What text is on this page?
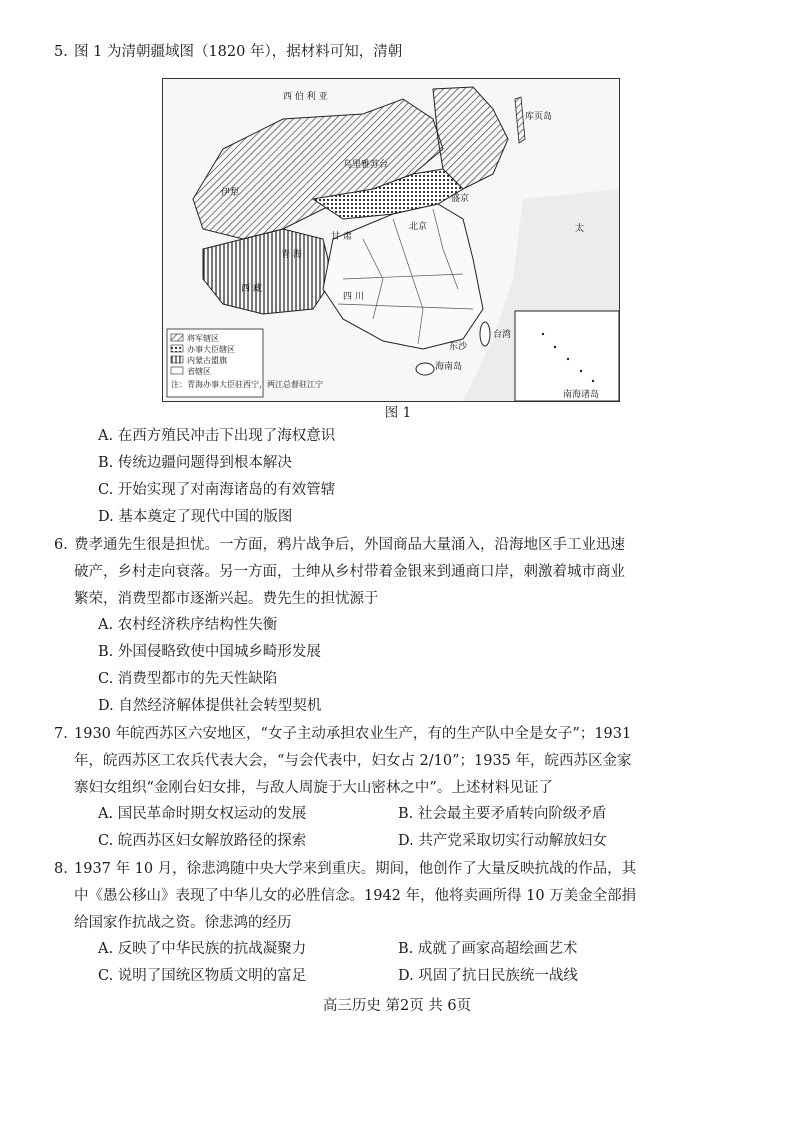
5. 图 1 为清朝疆域图（1820 年），据材料可知，清朝
西 伯 利 亚
乌里雅苏台
伊犁
北京
盛京
四 川
西 藏
青 海
甘 肃
台湾
海南岛
东沙
太
库页岛
南海诸岛
将军辖区
办事大臣辖区
内蒙古盟旗
省辖区
注：青海办事大臣驻西宁，两江总督驻江宁
图 1
A. 在西方殖民冲击下出现了海权意识
B. 传统边疆问题得到根本解决
C. 开始实现了对南海诸岛的有效管辖
D. 基本奠定了现代中国的版图
6. 费孝通先生很是担忧。一方面，鸦片战争后，外国商品大量涌入，沿海地区手工业迅速
破产，乡村走向衰落。另一方面，士绅从乡村带着金银来到通商口岸，刺激着城市商业
繁荣，消费型都市逐渐兴起。费先生的担忧源于
A. 农村经济秩序结构性失衡
B. 外国侵略致使中国城乡畸形发展
C. 消费型都市的先天性缺陷
D. 自然经济解体提供社会转型契机
7. 1930 年皖西苏区六安地区，“女子主动承担农业生产，有的生产队中全是女子”；1931
年，皖西苏区工农兵代表大会，“与会代表中，妇女占 2/10”；1935 年，皖西苏区金家
寨妇女组织“金刚台妇女排，与敌人周旋于大山密林之中”。上述材料见证了
A. 国民革命时期女权运动的发展	B. 社会最主要矛盾转向阶级矛盾
C. 皖西苏区妇女解放路径的探索	D. 共产党采取切实行动解放妇女
8. 1937 年 10 月，徐悲鸿随中央大学来到重庆。期间，他创作了大量反映抗战的作品，其
中《愚公移山》表现了中华儿女的必胜信念。1942 年，他将卖画所得 10 万美金全部捐
给国家作抗战之资。徐悲鸿的经历
A. 反映了中华民族的抗战凝聚力	B. 成就了画家高超绘画艺术
C. 说明了国统区物质文明的富足	D. 巩固了抗日民族统一战线
高三历史 第2页 共 6页
